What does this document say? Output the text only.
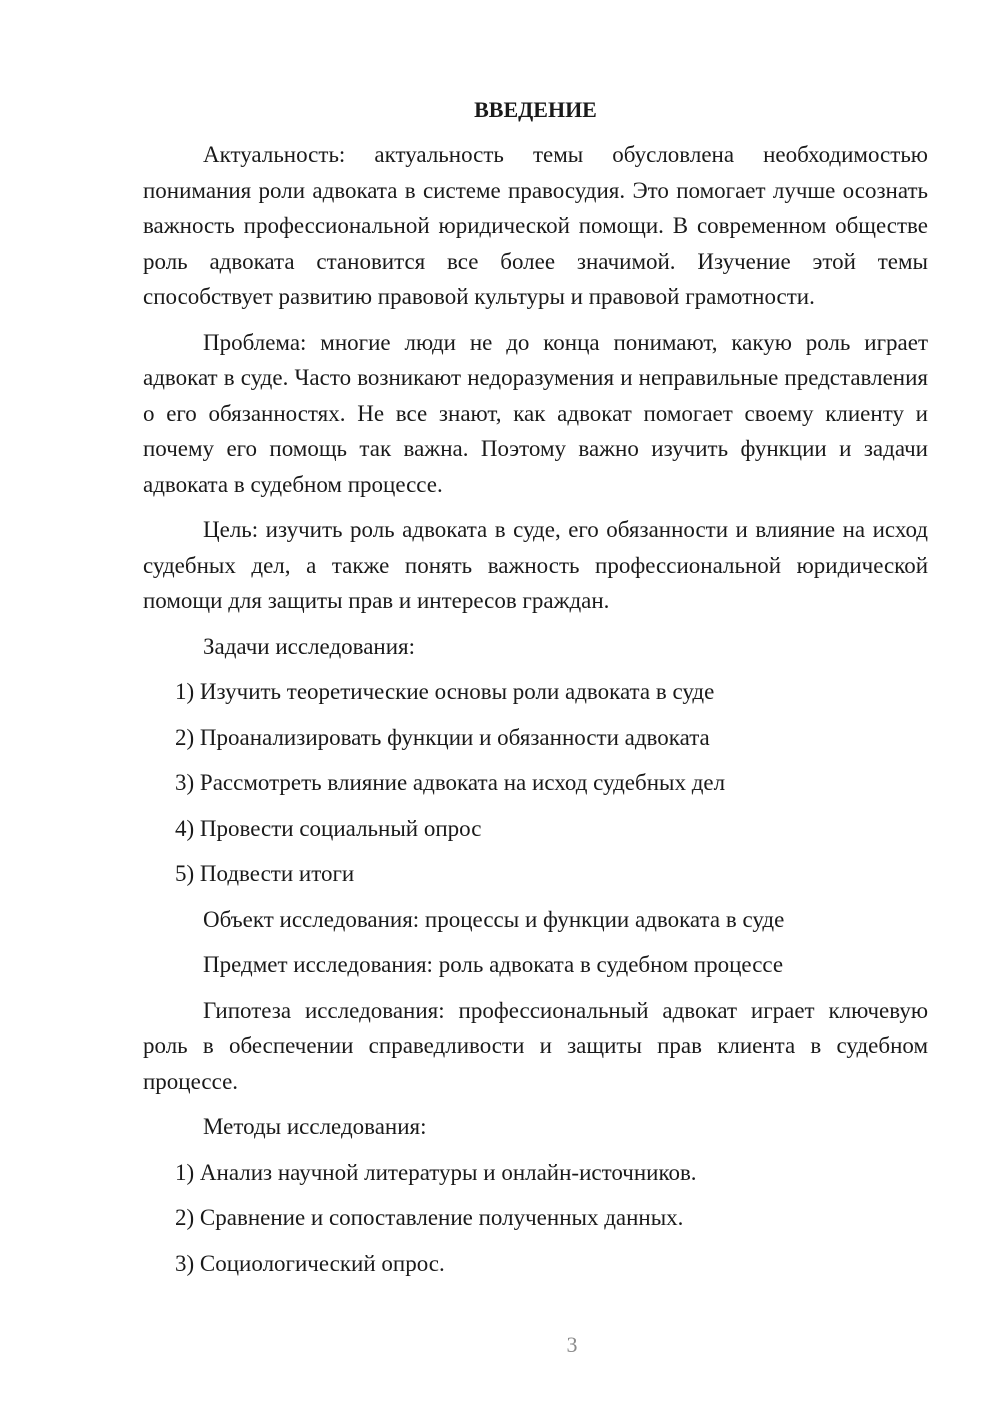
ВВЕДЕНИЕ

Актуальность: актуальность темы обусловлена необходимостью понимания роли адвоката в системе правосудия. Это помогает лучше осознать важность профессиональной юридической помощи. В современном обществе роль адвоката становится все более значимой. Изучение этой темы способствует развитию правовой культуры и правовой грамотности.

Проблема: многие люди не до конца понимают, какую роль играет адвокат в суде. Часто возникают недоразумения и неправильные представления о его обязанностях. Не все знают, как адвокат помогает своему клиенту и почему его помощь так важна. Поэтому важно изучить функции и задачи адвоката в судебном процессе.

Цель: изучить роль адвоката в суде, его обязанности и влияние на исход судебных дел, а также понять важность профессиональной юридической помощи для защиты прав и интересов граждан.

Задачи исследования:
1) Изучить теоретические основы роли адвоката в суде
2) Проанализировать функции и обязанности адвоката
3) Рассмотреть влияние адвоката на исход судебных дел
4) Провести социальный опрос
5) Подвести итоги
Объект исследования: процессы и функции адвоката в суде
Предмет исследования: роль адвоката в судебном процессе

Гипотеза исследования: профессиональный адвокат играет ключевую роль в обеспечении справедливости и защиты прав клиента в судебном процессе.

Методы исследования:
1) Анализ научной литературы и онлайн-источников.
2) Сравнение и сопоставление полученных данных.
3) Социологический опрос.
3
